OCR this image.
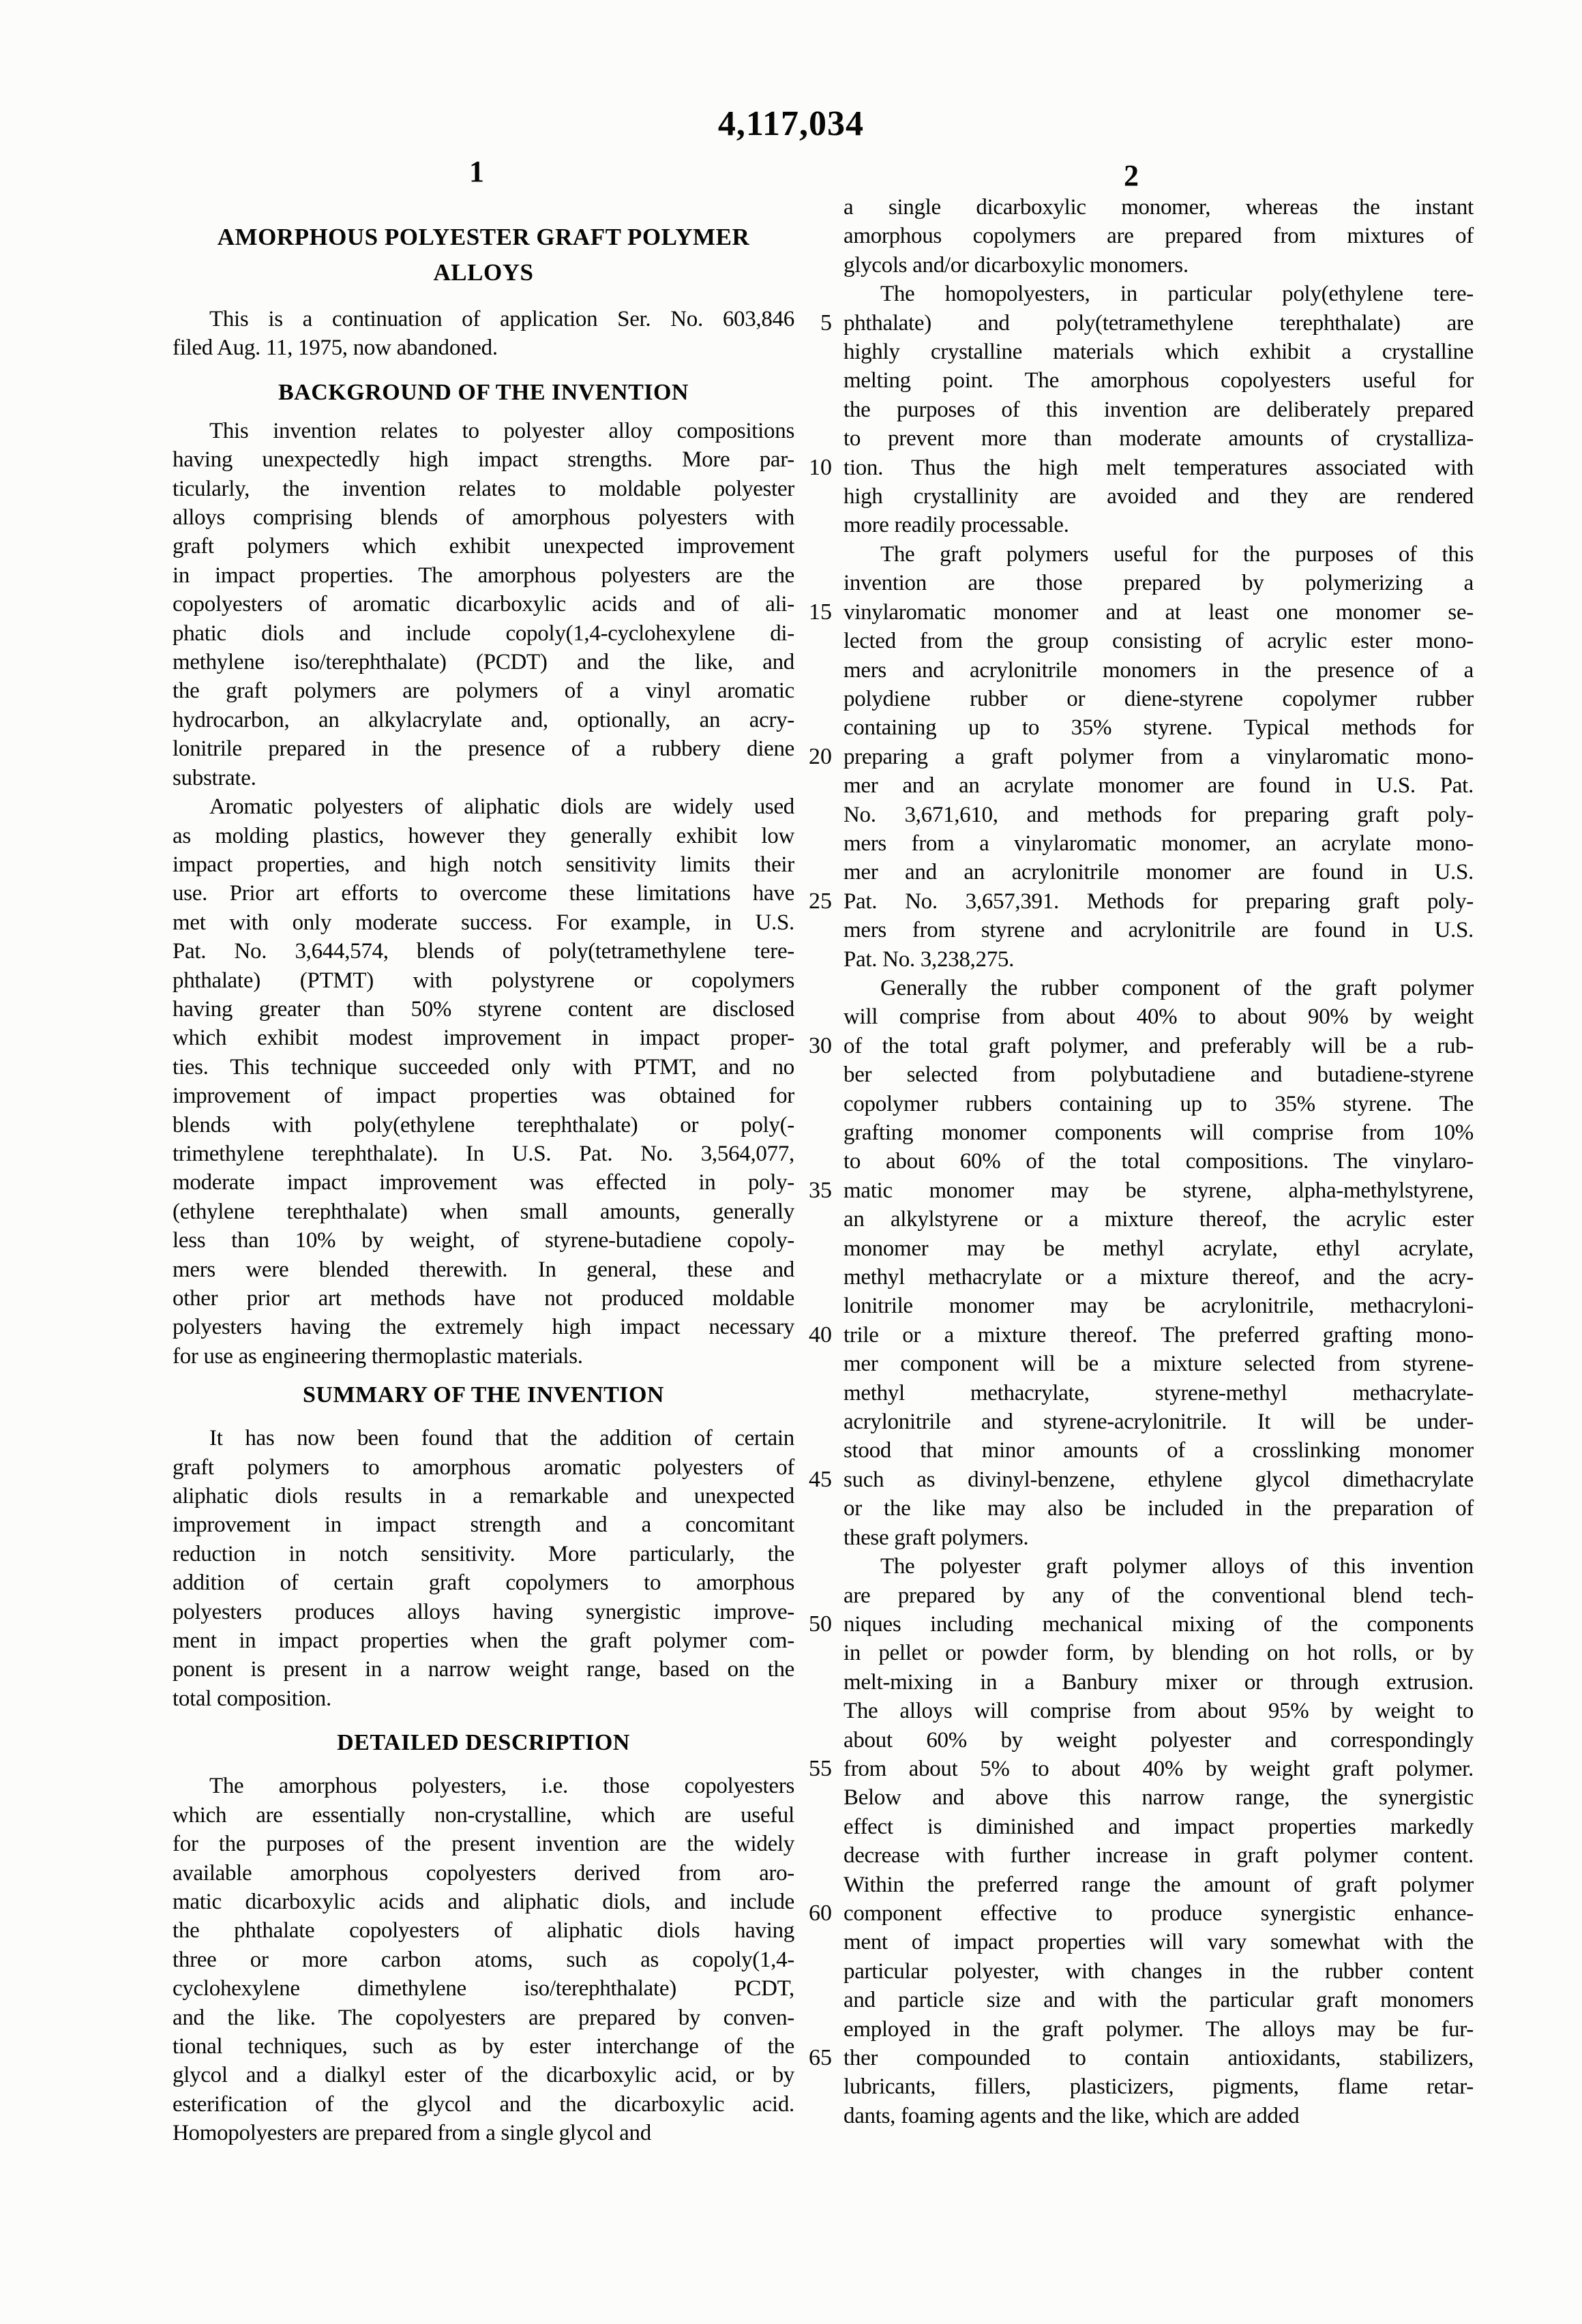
4,117,034
1	2
AMORPHOUS POLYESTER GRAFT POLYMER
ALLOYS
This is a continuation of application Ser. No. 603,846
filed Aug. 11, 1975, now abandoned.
BACKGROUND OF THE INVENTION
This invention relates to polyester alloy compositions
having unexpectedly high impact strengths. More par-
ticularly, the invention relates to moldable polyester
alloys comprising blends of amorphous polyesters with
graft polymers which exhibit unexpected improvement
in impact properties. The amorphous polyesters are the
copolyesters of aromatic dicarboxylic acids and of ali-
phatic diols and include copoly(1,4-cyclohexylene di-
methylene iso/terephthalate) (PCDT) and the like, and
the graft polymers are polymers of a vinyl aromatic
hydrocarbon, an alkylacrylate and, optionally, an acry-
lonitrile prepared in the presence of a rubbery diene
substrate.
Aromatic polyesters of aliphatic diols are widely used
as molding plastics, however they generally exhibit low
impact properties, and high notch sensitivity limits their
use. Prior art efforts to overcome these limitations have
met with only moderate success. For example, in U.S.
Pat. No. 3,644,574, blends of poly(tetramethylene tere-
phthalate) (PTMT) with polystyrene or copolymers
having greater than 50% styrene content are disclosed
which exhibit modest improvement in impact proper-
ties. This technique succeeded only with PTMT, and no
improvement of impact properties was obtained for
blends with poly(ethylene terephthalate) or poly(-
trimethylene terephthalate). In U.S. Pat. No. 3,564,077,
moderate impact improvement was effected in poly-
(ethylene terephthalate) when small amounts, generally
less than 10% by weight, of styrene-butadiene copoly-
mers were blended therewith. In general, these and
other prior art methods have not produced moldable
polyesters having the extremely high impact necessary
for use as engineering thermoplastic materials.
SUMMARY OF THE INVENTION
It has now been found that the addition of certain
graft polymers to amorphous aromatic polyesters of
aliphatic diols results in a remarkable and unexpected
improvement in impact strength and a concomitant
reduction in notch sensitivity. More particularly, the
addition of certain graft copolymers to amorphous
polyesters produces alloys having synergistic improve-
ment in impact properties when the graft polymer com-
ponent is present in a narrow weight range, based on the
total composition.
DETAILED DESCRIPTION
The amorphous polyesters, i.e. those copolyesters
which are essentially non-crystalline, which are useful
for the purposes of the present invention are the widely
available amorphous copolyesters derived from aro-
matic dicarboxylic acids and aliphatic diols, and include
the phthalate copolyesters of aliphatic diols having
three or more carbon atoms, such as copoly(1,4-
cyclohexylene dimethylene iso/terephthalate) PCDT,
and the like. The copolyesters are prepared by conven-
tional techniques, such as by ester interchange of the
glycol and a dialkyl ester of the dicarboxylic acid, or by
esterification of the glycol and the dicarboxylic acid.
Homopolyesters are prepared from a single glycol and
a single dicarboxylic monomer, whereas the instant
amorphous copolymers are prepared from mixtures of
glycols and/or dicarboxylic monomers.
The homopolyesters, in particular poly(ethylene tere-
phthalate) and poly(tetramethylene terephthalate) are
highly crystalline materials which exhibit a crystalline
melting point. The amorphous copolyesters useful for
the purposes of this invention are deliberately prepared
to prevent more than moderate amounts of crystalliza-
tion. Thus the high melt temperatures associated with
high crystallinity are avoided and they are rendered
more readily processable.
The graft polymers useful for the purposes of this
invention are those prepared by polymerizing a
vinylaromatic monomer and at least one monomer se-
lected from the group consisting of acrylic ester mono-
mers and acrylonitrile monomers in the presence of a
polydiene rubber or diene-styrene copolymer rubber
containing up to 35% styrene. Typical methods for
preparing a graft polymer from a vinylaromatic mono-
mer and an acrylate monomer are found in U.S. Pat.
No. 3,671,610, and methods for preparing graft poly-
mers from a vinylaromatic monomer, an acrylate mono-
mer and an acrylonitrile monomer are found in U.S.
Pat. No. 3,657,391. Methods for preparing graft poly-
mers from styrene and acrylonitrile are found in U.S.
Pat. No. 3,238,275.
Generally the rubber component of the graft polymer
will comprise from about 40% to about 90% by weight
of the total graft polymer, and preferably will be a rub-
ber selected from polybutadiene and butadiene-styrene
copolymer rubbers containing up to 35% styrene. The
grafting monomer components will comprise from 10%
to about 60% of the total compositions. The vinylaro-
matic monomer may be styrene, alpha-methylstyrene,
an alkylstyrene or a mixture thereof, the acrylic ester
monomer may be methyl acrylate, ethyl acrylate,
methyl methacrylate or a mixture thereof, and the acry-
lonitrile monomer may be acrylonitrile, methacryloni-
trile or a mixture thereof. The preferred grafting mono-
mer component will be a mixture selected from styrene-
methyl methacrylate, styrene-methyl methacrylate-
acrylonitrile and styrene-acrylonitrile. It will be under-
stood that minor amounts of a crosslinking monomer
such as divinyl-benzene, ethylene glycol dimethacrylate
or the like may also be included in the preparation of
these graft polymers.
The polyester graft polymer alloys of this invention
are prepared by any of the conventional blend tech-
niques including mechanical mixing of the components
in pellet or powder form, by blending on hot rolls, or by
melt-mixing in a Banbury mixer or through extrusion.
The alloys will comprise from about 95% by weight to
about 60% by weight polyester and correspondingly
from about 5% to about 40% by weight graft polymer.
Below and above this narrow range, the synergistic
effect is diminished and impact properties markedly
decrease with further increase in graft polymer content.
Within the preferred range the amount of graft polymer
component effective to produce synergistic enhance-
ment of impact properties will vary somewhat with the
particular polyester, with changes in the rubber content
and particle size and with the particular graft monomers
employed in the graft polymer. The alloys may be fur-
ther compounded to contain antioxidants, stabilizers,
lubricants, fillers, plasticizers, pigments, flame retar-
dants, foaming agents and the like, which are added
5
10
15
20
25
30
35
40
45
50
55
60
65
